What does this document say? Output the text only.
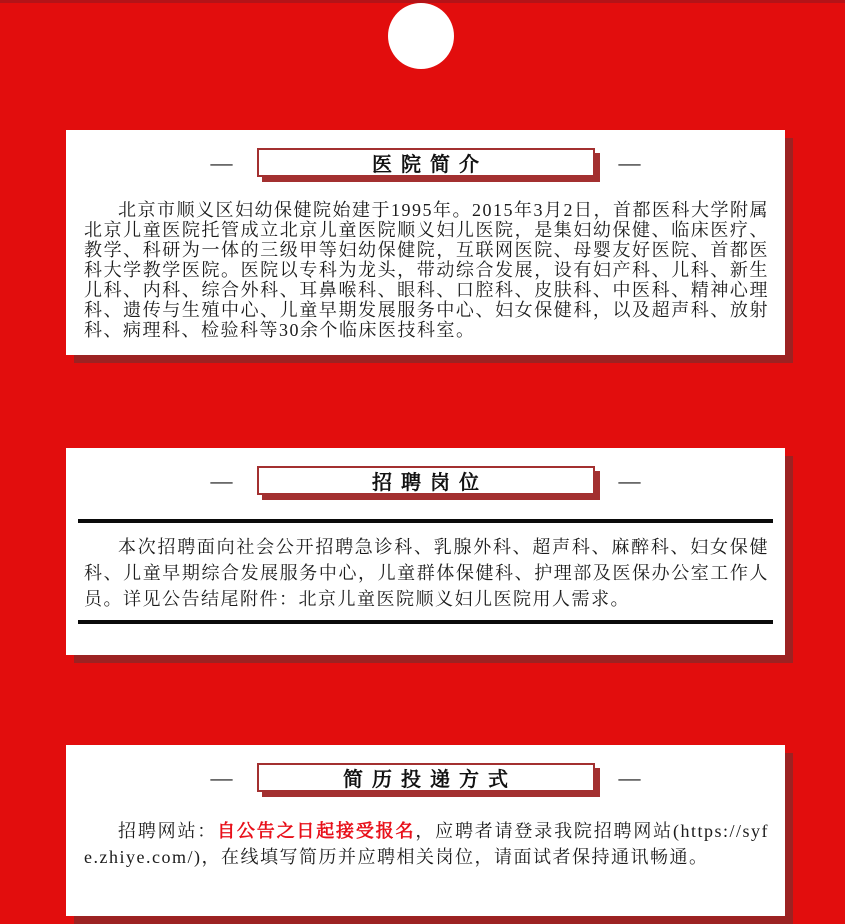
—	医院简介	—

北京市顺义区妇幼保健院始建于1995年。2015年3月2日，首都医科大学附属北京儿童医院托管成立北京儿童医院顺义妇儿医院，是集妇幼保健、临床医疗、教学、科研为一体的三级甲等妇幼保健院，互联网医院、母婴友好医院、首都医科大学教学医院。医院以专科为龙头，带动综合发展，设有妇产科、儿科、新生儿科、内科、综合外科、耳鼻喉科、眼科、口腔科、皮肤科、中医科、精神心理科、遗传与生殖中心、儿童早期发展服务中心、妇女保健科，以及超声科、放射科、病理科、检验科等30余个临床医技科室。

—	招聘岗位	—

本次招聘面向社会公开招聘急诊科、乳腺外科、超声科、麻醉科、妇女保健科、儿童早期综合发展服务中心，儿童群体保健科、护理部及医保办公室工作人员。详见公告结尾附件：北京儿童医院顺义妇儿医院用人需求。

—	简历投递方式	—

招聘网站：自公告之日起接受报名，应聘者请登录我院招聘网站(https://syfe.zhiye.com/)，在线填写简历并应聘相关岗位，请面试者保持通讯畅通。
